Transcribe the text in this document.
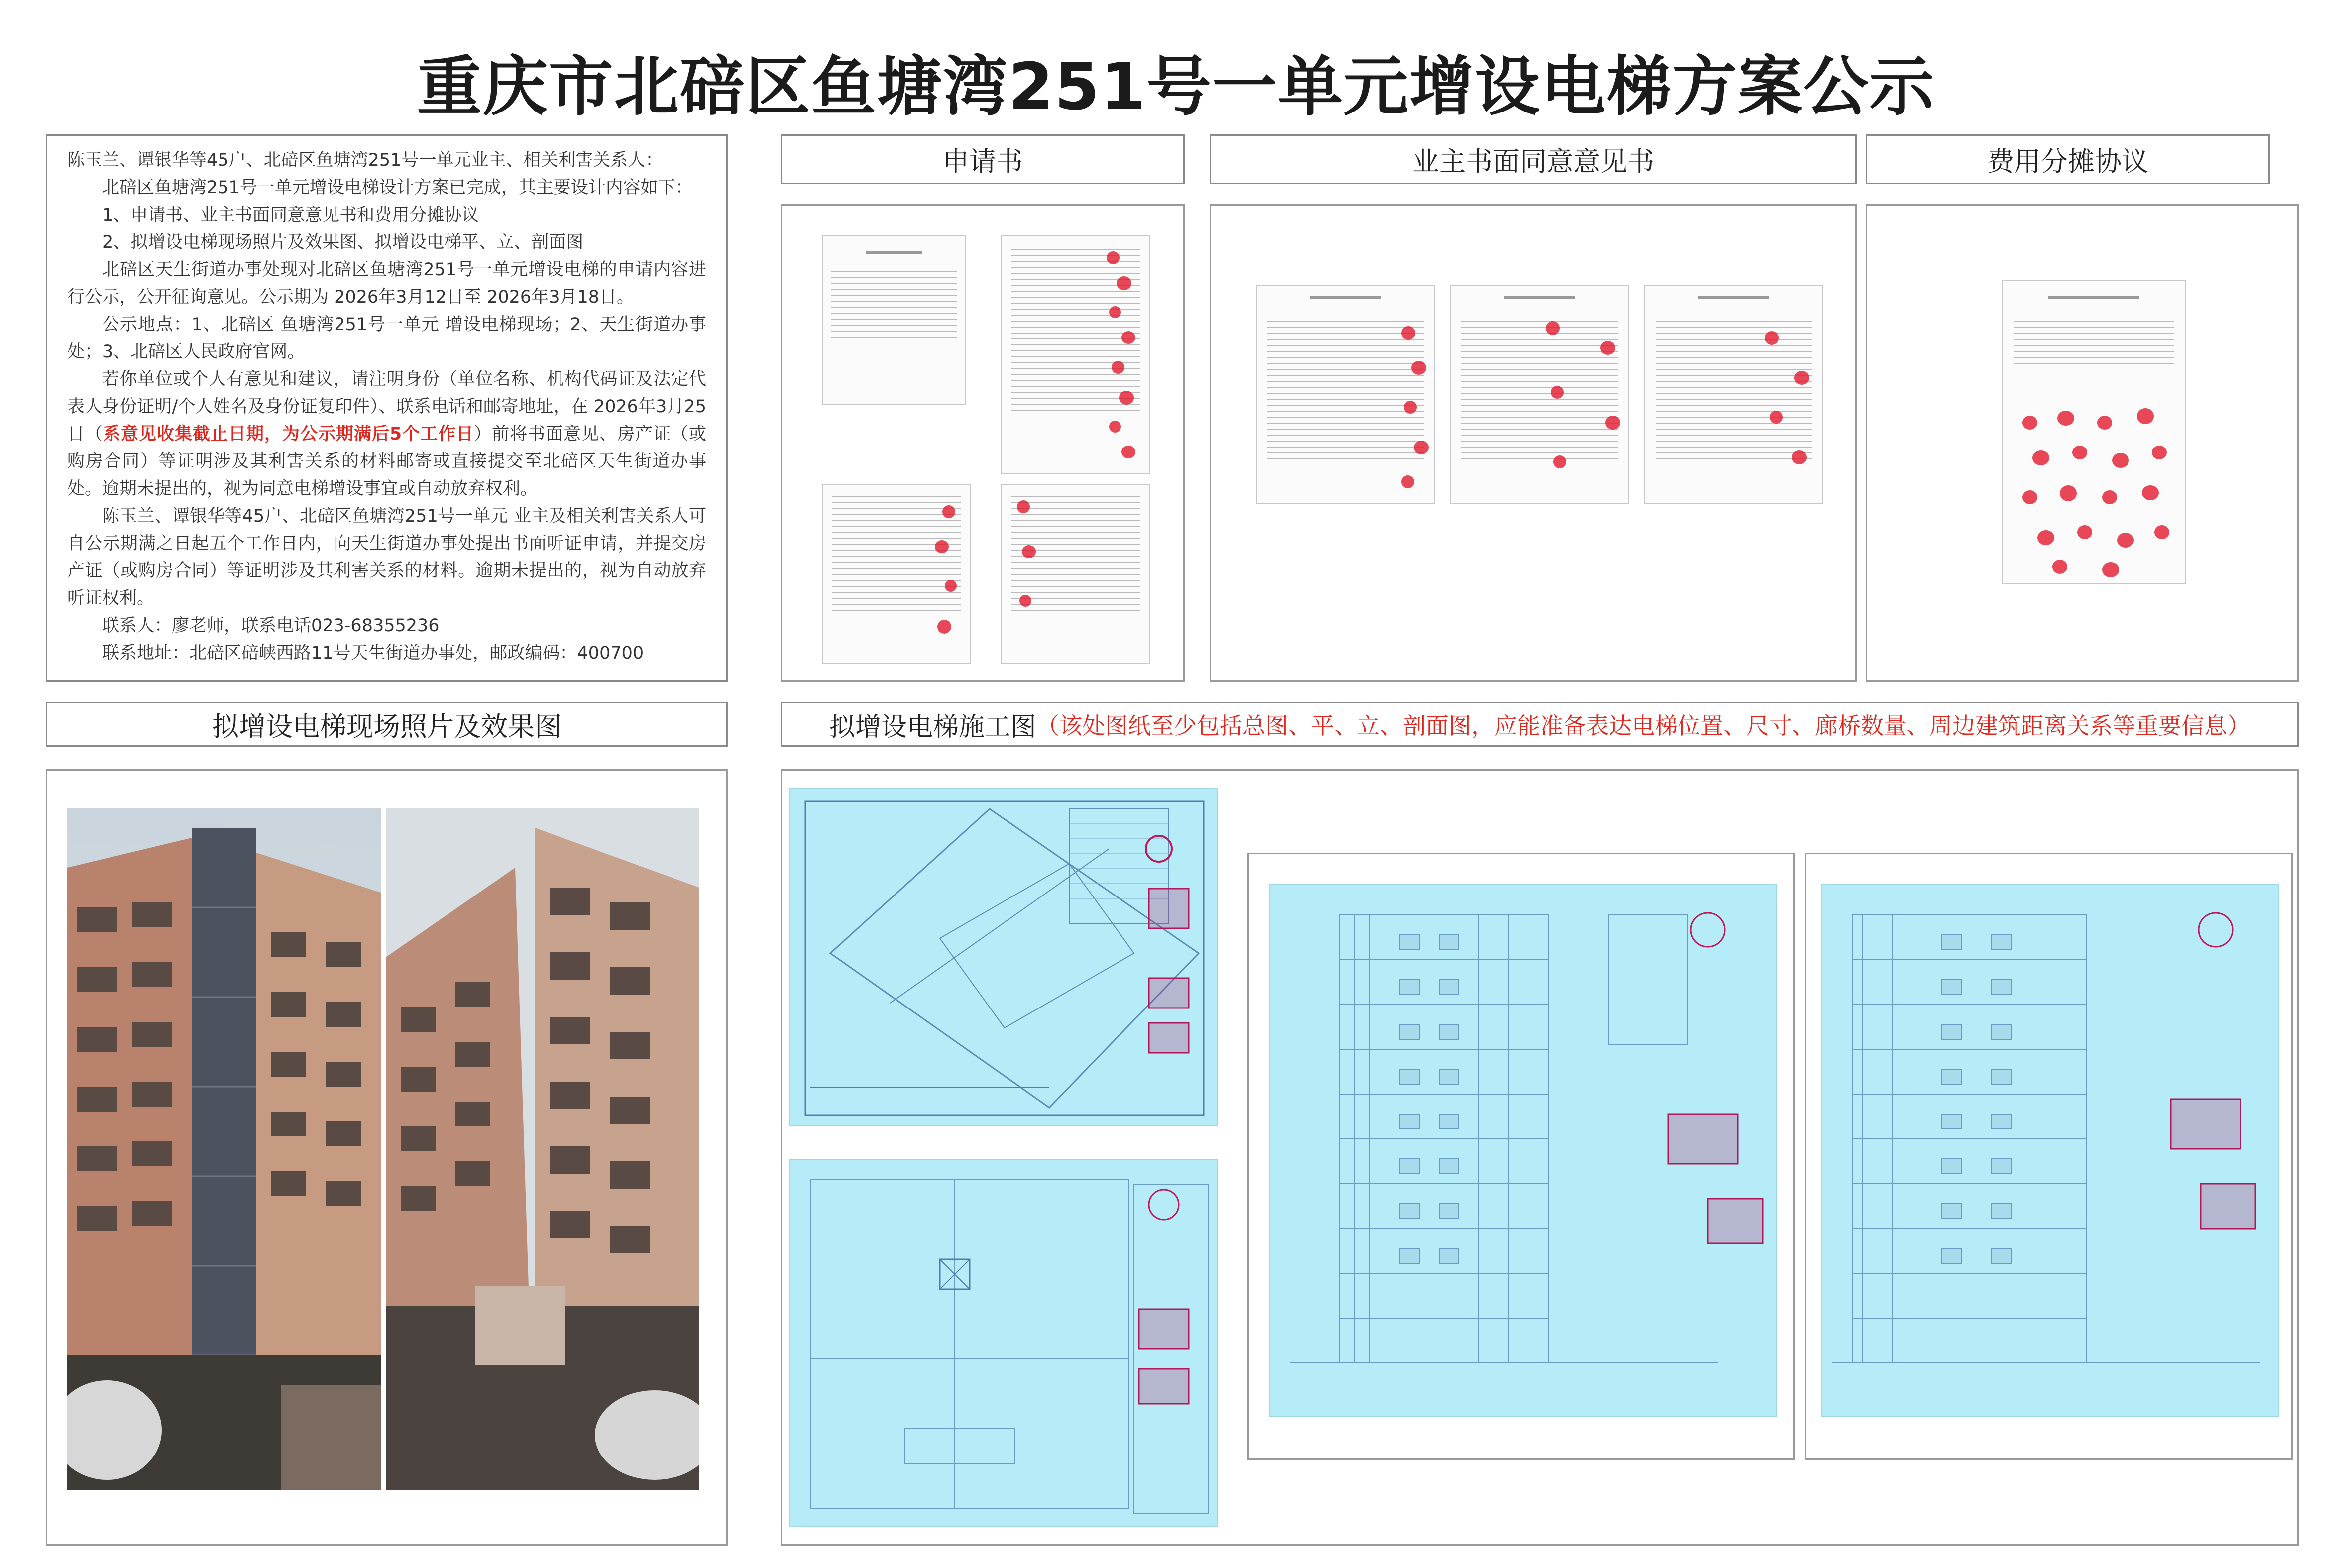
重庆市北碚区鱼塘湾251号一单元增设电梯方案公示

陈玉兰、谭银华等45户、北碚区鱼塘湾251号一单元业主、相关利害关系人：

北碚区鱼塘湾251号一单元增设电梯设计方案已完成，其主要设计内容如下：

1、申请书、业主书面同意意见书和费用分摊协议

2、拟增设电梯现场照片及效果图、拟增设电梯平、立、剖面图

北碚区天生街道办事处现对北碚区鱼塘湾251号一单元增设电梯的申请内容进行公示，公开征询意见。公示期为 2026年3月12日至 2026年3月18日。

公示地点：1、北碚区 鱼塘湾251号一单元 增设电梯现场；2、天生街道办事处；3、北碚区人民政府官网。

若你单位或个人有意见和建议，请注明身份（单位名称、机构代码证及法定代表人身份证明/个人姓名及身份证复印件）、联系电话和邮寄地址，在 2026年3月25日（系意见收集截止日期，为公示期满后5个工作日）前将书面意见、房产证（或购房合同）等证明涉及其利害关系的材料邮寄或直接提交至北碚区天生街道办事处。逾期未提出的，视为同意电梯增设事宜或自动放弃权利。

陈玉兰、谭银华等45户、北碚区鱼塘湾251号一单元 业主及相关利害关系人可自公示期满之日起五个工作日内，向天生街道办事处提出书面听证申请，并提交房产证（或购房合同）等证明涉及其利害关系的材料。逾期未提出的，视为自动放弃听证权利。

联系人：廖老师，联系电话023-68355236

联系地址：北碚区碚峡西路11号天生街道办事处，邮政编码：400700

申请书	业主书面同意意见书	费用分摊协议
拟增设电梯现场照片及效果图	拟增设电梯施工图 （该处图纸至少包括总图、平、立、剖面图，应能准备表达电梯位置、尺寸、廊桥数量、周边建筑距离关系等重要信息）
